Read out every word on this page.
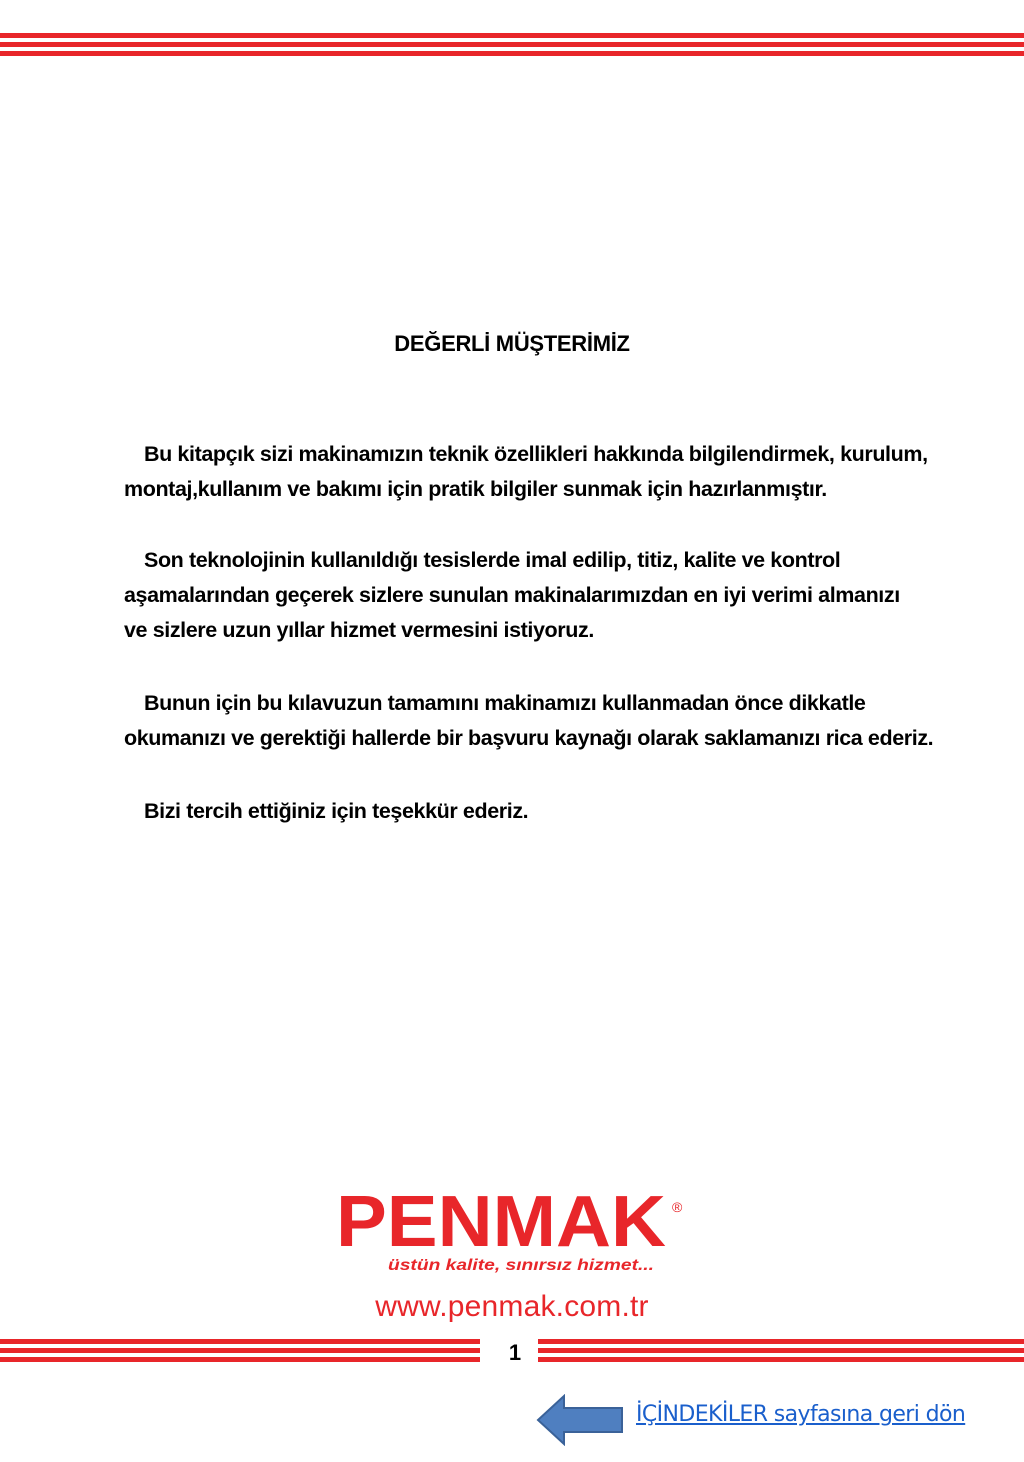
DEĞERLİ MÜŞTERİMİZ

Bu kitapçık sizi makinamızın teknik özellikleri hakkında bilgilendirmek, kurulum,
montaj,kullanım ve bakımı için pratik bilgiler sunmak için hazırlanmıştır.

Son teknolojinin kullanıldığı tesislerde imal edilip, titiz, kalite ve kontrol
aşamalarından geçerek sizlere sunulan makinalarımızdan en iyi verimi almanızı
ve sizlere uzun yıllar hizmet vermesini istiyoruz.

Bunun için bu kılavuzun tamamını makinamızı kullanmadan önce dikkatle
okumanızı ve gerektiği hallerde bir başvuru kaynağı olarak saklamanızı rica ederiz.

Bizi tercih ettiğiniz için teşekkür ederiz.

PENMAK ®
üstün kalite, sınırsız hizmet...
www.penmak.com.tr
1
İÇİNDEKİLER sayfasına geri dön
